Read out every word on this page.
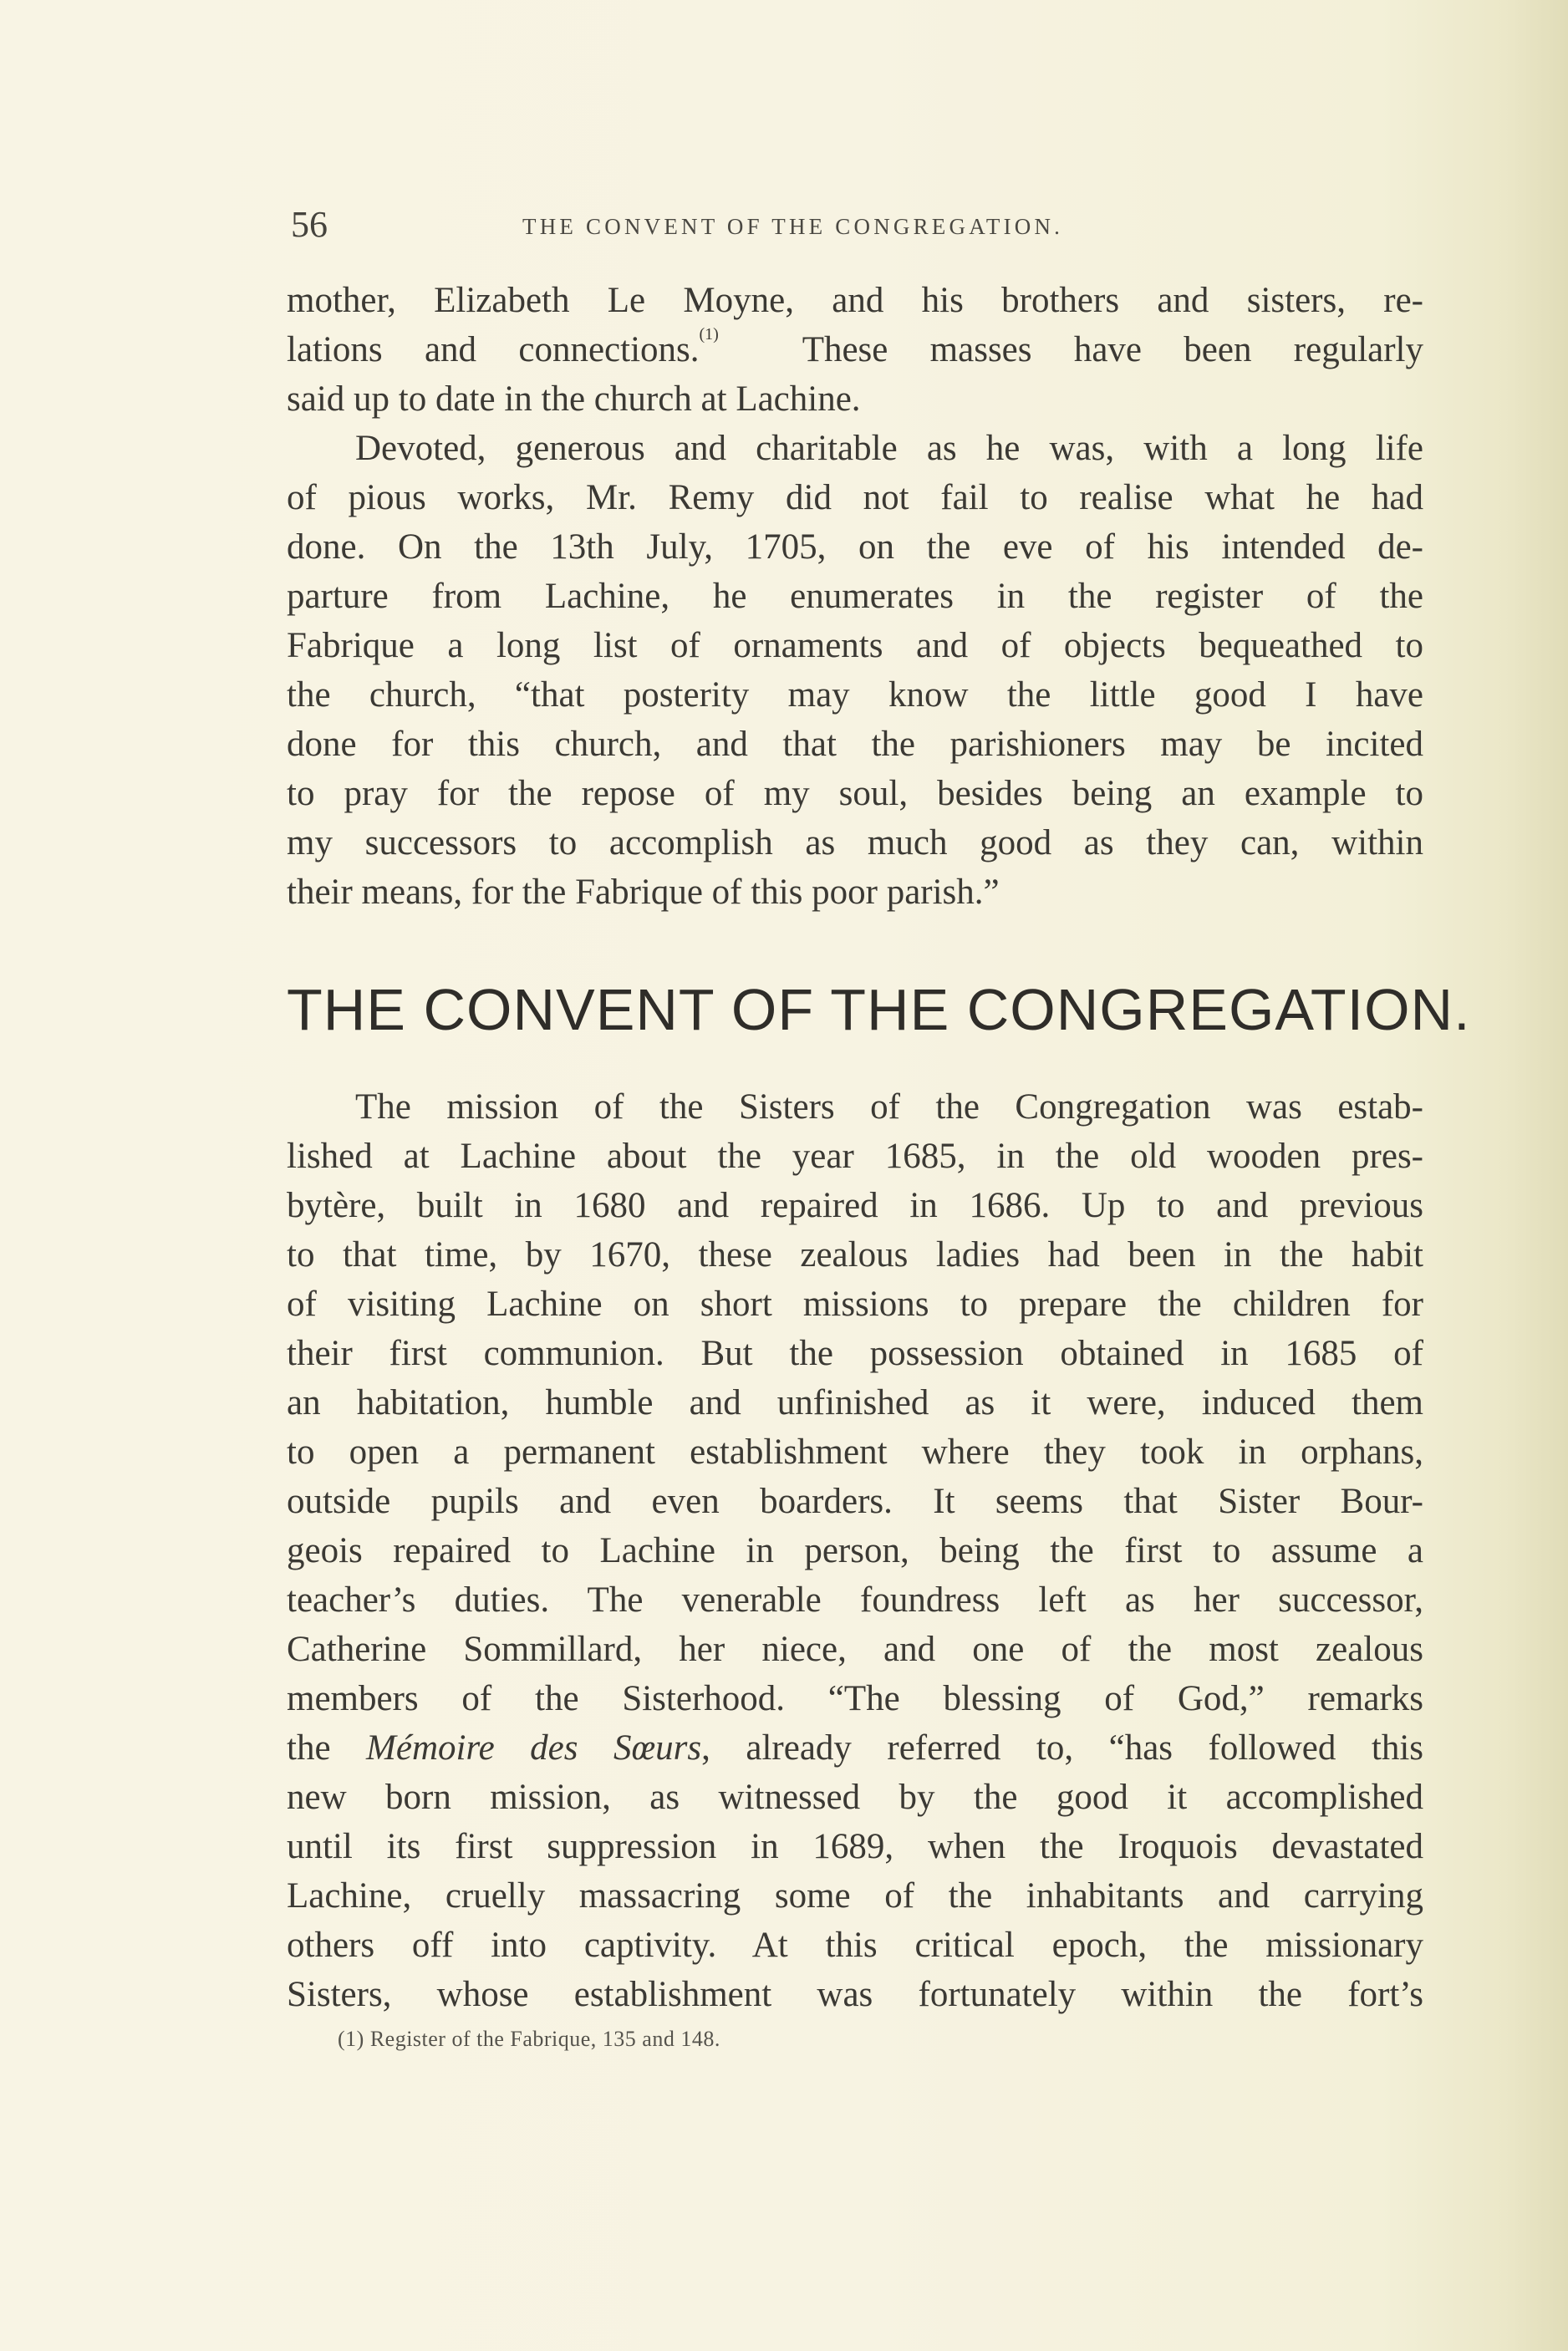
56	THE CONVENT OF THE CONGREGATION.
mother, Elizabeth Le Moyne, and his brothers and sisters, re-
lations and connections.$^{(1)}$ These masses have been regularly
said up to date in the church at Lachine.
Devoted, generous and charitable as he was, with a long life
of pious works, Mr. Remy did not fail to realise what he had
done. On the 13th July, 1705, on the eve of his intended de-
parture from Lachine, he enumerates in the register of the
Fabrique a long list of ornaments and of objects bequeathed to
the church, “that posterity may know the little good I have
done for this church, and that the parishioners may be incited
to pray for the repose of my soul, besides being an example to
my successors to accomplish as much good as they can, within
their means, for the Fabrique of this poor parish.”
THE CONVENT OF THE CONGREGATION.
The mission of the Sisters of the Congregation was estab-
lished at Lachine about the year 1685, in the old wooden pres-
bytère, built in 1680 and repaired in 1686. Up to and previous
to that time, by 1670, these zealous ladies had been in the habit
of visiting Lachine on short missions to prepare the children for
their first communion. But the possession obtained in 1685 of
an habitation, humble and unfinished as it were, induced them
to open a permanent establishment where they took in orphans,
outside pupils and even boarders. It seems that Sister Bour-
geois repaired to Lachine in person, being the first to assume a
teacher’s duties. The venerable foundress left as her successor,
Catherine Sommillard, her niece, and one of the most zealous
members of the Sisterhood. “The blessing of God,” remarks
the Mémoire des Sœurs, already referred to, “has followed this
new born mission, as witnessed by the good it accomplished
until its first suppression in 1689, when the Iroquois devastated
Lachine, cruelly massacring some of the inhabitants and carrying
others off into captivity. At this critical epoch, the missionary
Sisters, whose establishment was fortunately within the fort’s
(1) Register of the Fabrique, 135 and 148.
